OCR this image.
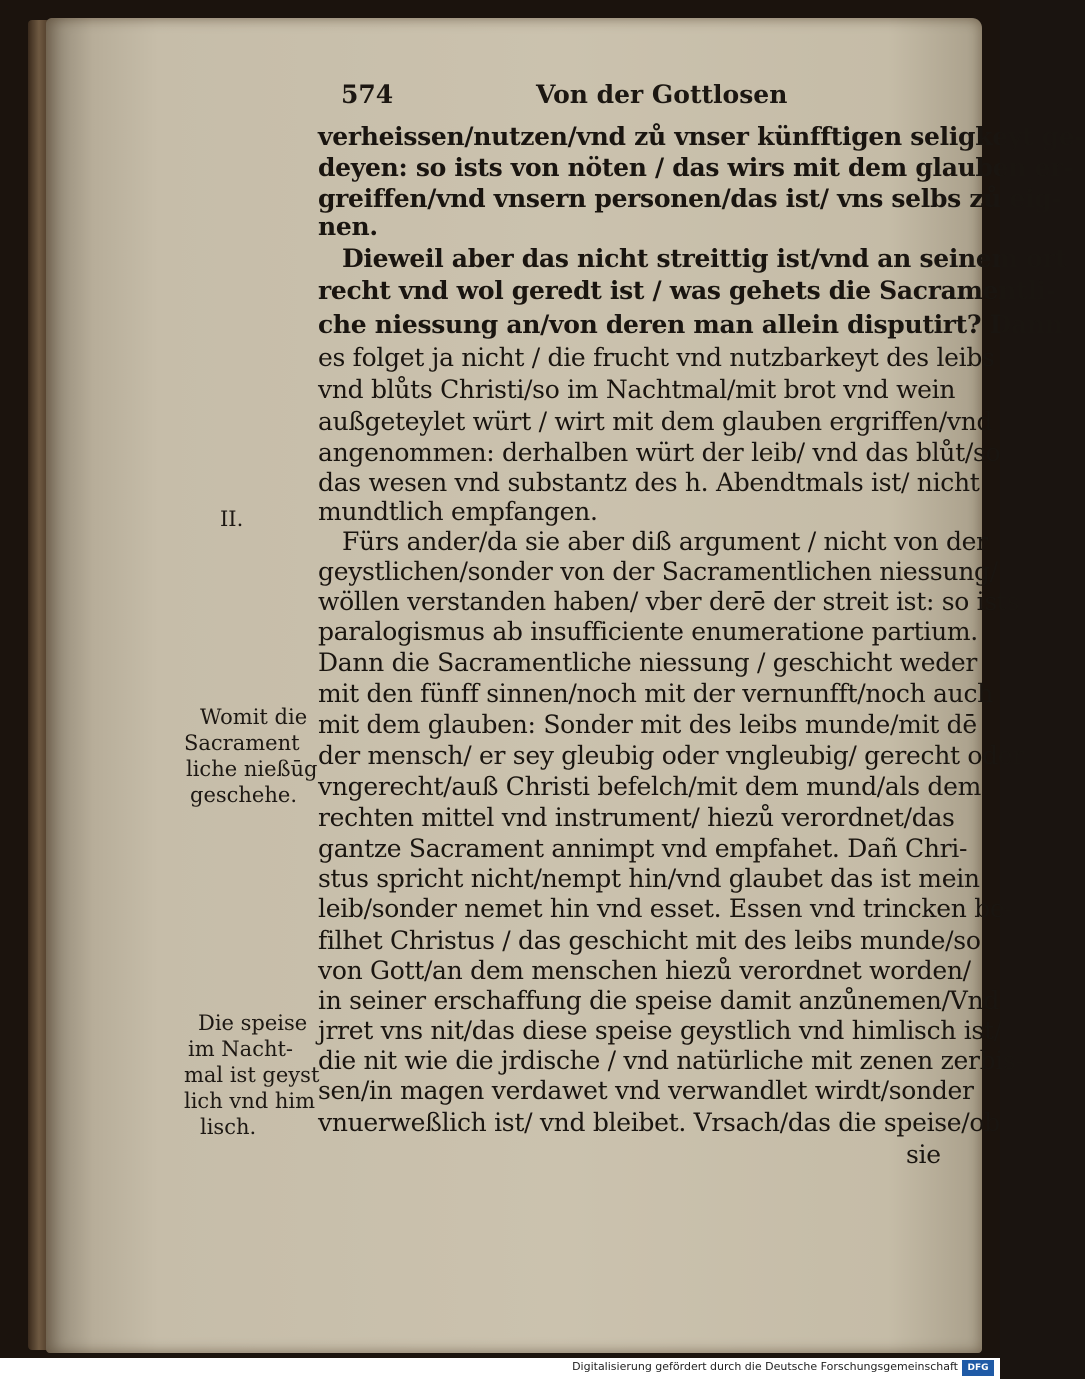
574	Von der Gottlosen
verheissen/nutzen/vnd zů vnser künfftigen seligkeyt ge-
deyen: so ists von nöten / das wirs mit dem glauben er-
greiffen/vnd vnsern personen/das ist/ vns selbs zů eig-
nen.
Dieweil aber das nicht streittig ist/vnd an seinem ort
recht vnd wol geredt ist / was gehets die Sacramentli-
che niessung an/von deren man allein disputirt? Dann
es folget ja nicht / die frucht vnd nutzbarkeyt des leibs
vnd blůts Christi/so im Nachtmal/mit brot vnd wein
außgeteylet würt / wirt mit dem glauben ergriffen/vnd
angenommen: derhalben würt der leib/ vnd das blůt/so
das wesen vnd substantz des h. Abendtmals ist/ nicht
mundtlich empfangen.
Fürs ander/da sie aber diß argument / nicht von der
geystlichen/sonder von der Sacramentlichen niessung/
wöllen verstanden haben/ vber derē der streit ist: so ists
paralogismus ab insufficiente enumeratione partium.
Dann die Sacramentliche niessung / geschicht weder
mit den fünff sinnen/noch mit der vernunfft/noch auch
mit dem glauben: Sonder mit des leibs munde/mit dē
der mensch/ er sey gleubig oder vngleubig/ gerecht oder
vngerecht/auß Christi befelch/mit dem mund/als dem
rechten mittel vnd instrument/ hiezů verordnet/das
gantze Sacrament annimpt vnd empfahet. Dañ Chri-
stus spricht nicht/nempt hin/vnd glaubet das ist mein
leib/sonder nemet hin vnd esset. Essen vnd trincken be-
filhet Christus / das geschicht mit des leibs munde/so
von Gott/an dem menschen hiezů verordnet worden/
in seiner erschaffung die speise damit anzůnemen/Vnd
jrret vns nit/das diese speise geystlich vnd himlisch ist/
die nit wie die jrdische / vnd natürliche mit zenen zerbis-
sen/in magen verdawet vnd verwandlet wirdt/sonder
vnuerweßlich ist/ vnd bleibet. Vrsach/das die speise/ob
sie
II.
Womit die
Sacrament
liche nießūg
geschehe.
Die speise
im Nacht-
mal ist geyst
lich vnd him
lisch.
Digitalisierung gefördert durch die Deutsche Forschungsgemeinschaft	DFG
